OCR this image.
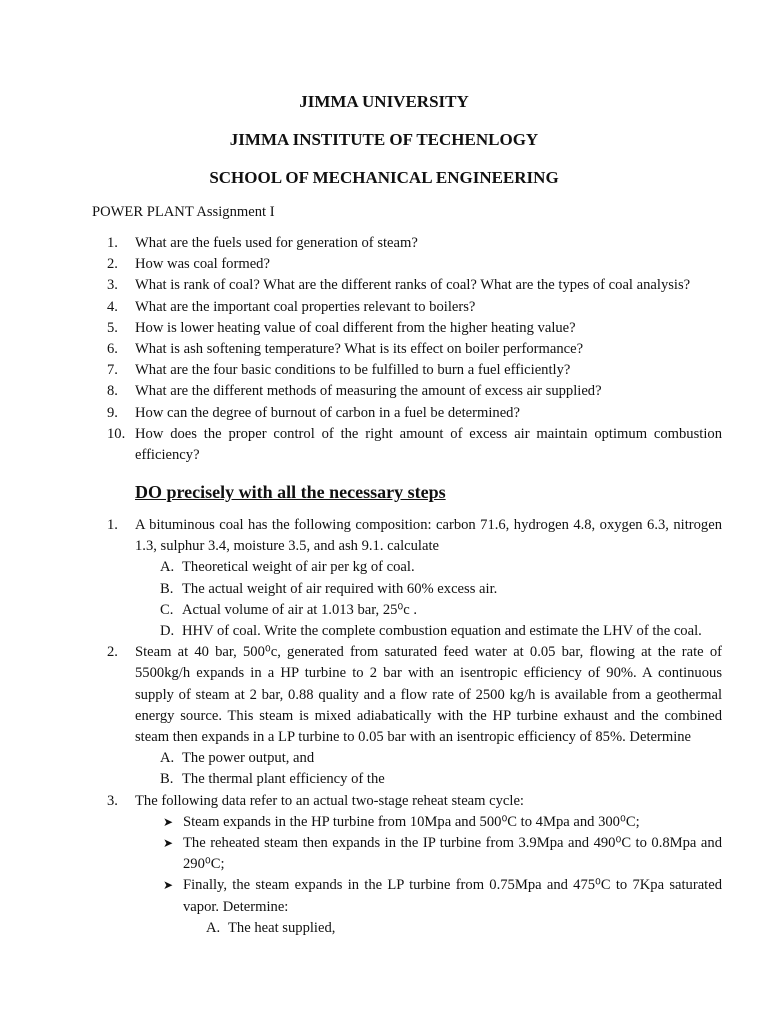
JIMMA UNIVERSITY
JIMMA INSTITUTE OF TECHENLOGY
SCHOOL OF MECHANICAL ENGINEERING
POWER PLANT Assignment I
1. What are the fuels used for generation of steam?
2. How was coal formed?
3. What is rank of coal? What are the different ranks of coal? What are the types of coal analysis?
4. What are the important coal properties relevant to boilers?
5. How is lower heating value of coal different from the higher heating value?
6. What is ash softening temperature? What is its effect on boiler performance?
7. What are the four basic conditions to be fulfilled to burn a fuel efficiently?
8. What are the different methods of measuring the amount of excess air supplied?
9. How can the degree of burnout of carbon in a fuel be determined?
10. How does the proper control of the right amount of excess air maintain optimum combustion efficiency?
DO precisely with all the necessary steps
1. A bituminous coal has the following composition: carbon 71.6, hydrogen 4.8, oxygen 6.3, nitrogen 1.3, sulphur 3.4, moisture 3.5, and ash 9.1. calculate
A. Theoretical weight of air per kg of coal.
B. The actual weight of air required with 60% excess air.
C. Actual volume of air at 1.013 bar, 25⁰c .
D. HHV of coal. Write the complete combustion equation and estimate the LHV of the coal.
2. Steam at 40 bar, 500⁰c, generated from saturated feed water at 0.05 bar, flowing at the rate of 5500kg/h expands in a HP turbine to 2 bar with an isentropic efficiency of 90%. A continuous supply of steam at 2 bar, 0.88 quality and a flow rate of 2500 kg/h is available from a geothermal energy source. This steam is mixed adiabatically with the HP turbine exhaust and the combined steam then expands in a LP turbine to 0.05 bar with an isentropic efficiency of 85%. Determine
A. The power output, and
B. The thermal plant efficiency of the
3. The following data refer to an actual two-stage reheat steam cycle:
➤ Steam expands in the HP turbine from 10Mpa and 500⁰C to 4Mpa and 300⁰C;
➤ The reheated steam then expands in the IP turbine from 3.9Mpa and 490⁰C to 0.8Mpa and 290⁰C;
➤ Finally, the steam expands in the LP turbine from 0.75Mpa and 475⁰C to 7Kpa saturated vapor. Determine:
A. The heat supplied,
